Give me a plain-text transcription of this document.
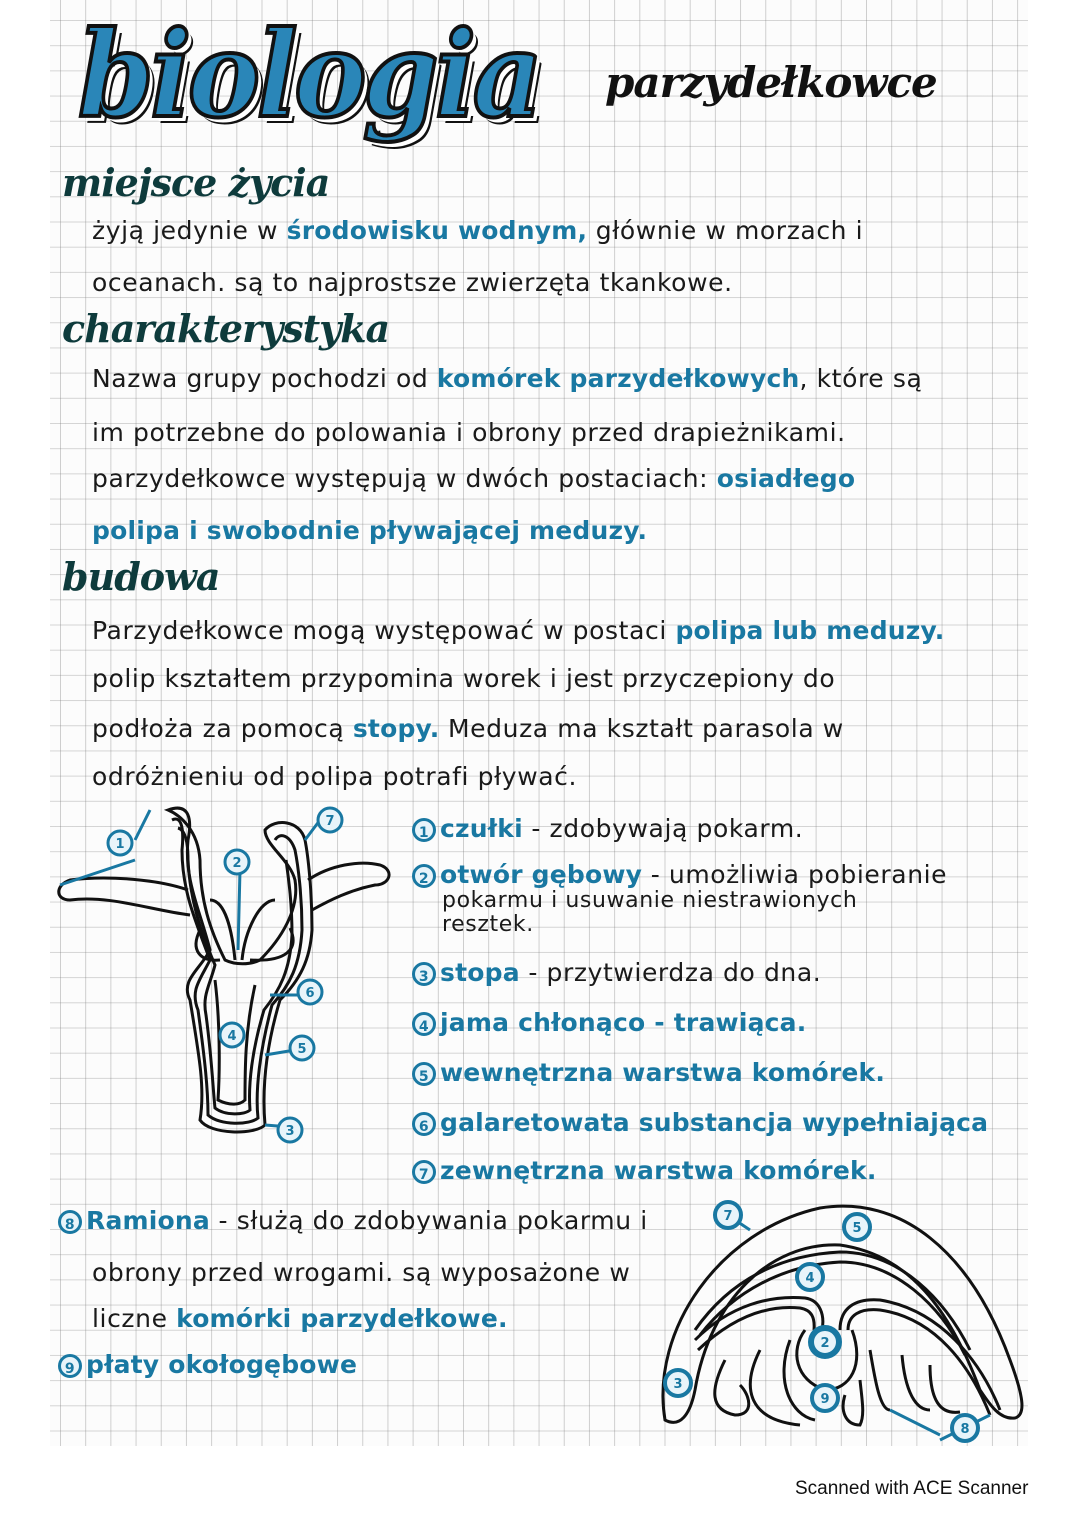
biologia parzydełkowce
miejsce życia
żyją jedynie w środowisku wodnym, głównie w morzach i
oceanach. są to najprostsze zwierzęta tkankowe.
charakterystyka
Nazwa grupy pochodzi od komórek parzydełkowych, które są
im potrzebne do polowania i obrony przed drapieżnikami.
parzydełkowce występują w dwóch postaciach: osiadłego
polipa i swobodnie pływającej meduzy.
budowa
Parzydełkowce mogą występować w postaci polipa lub meduzy.
polip kształtem przypomina worek i jest przyczepiony do
podłoża za pomocą stopy. Meduza ma kształt parasola w
odróżnieniu od polipa potrafi pływać.
1
2
7
6
4
5
3
1 czułki - zdobywają pokarm.
2 otwór gębowy - umożliwia pobieranie
pokarmu i usuwanie niestrawionych
resztek.
3 stopa - przytwierdza do dna.
4 jama chłonąco - trawiąca.
5 wewnętrzna warstwa komórek.
6 galaretowata substancja wypełniająca
7 zewnętrzna warstwa komórek.
8 Ramiona - służą do zdobywania pokarmu i
obrony przed wrogami. są wyposażone w
liczne komórki parzydełkowe.
9 płaty okołogębowe
7
5
4
2
3
9
8
Scanned with ACE Scanner
